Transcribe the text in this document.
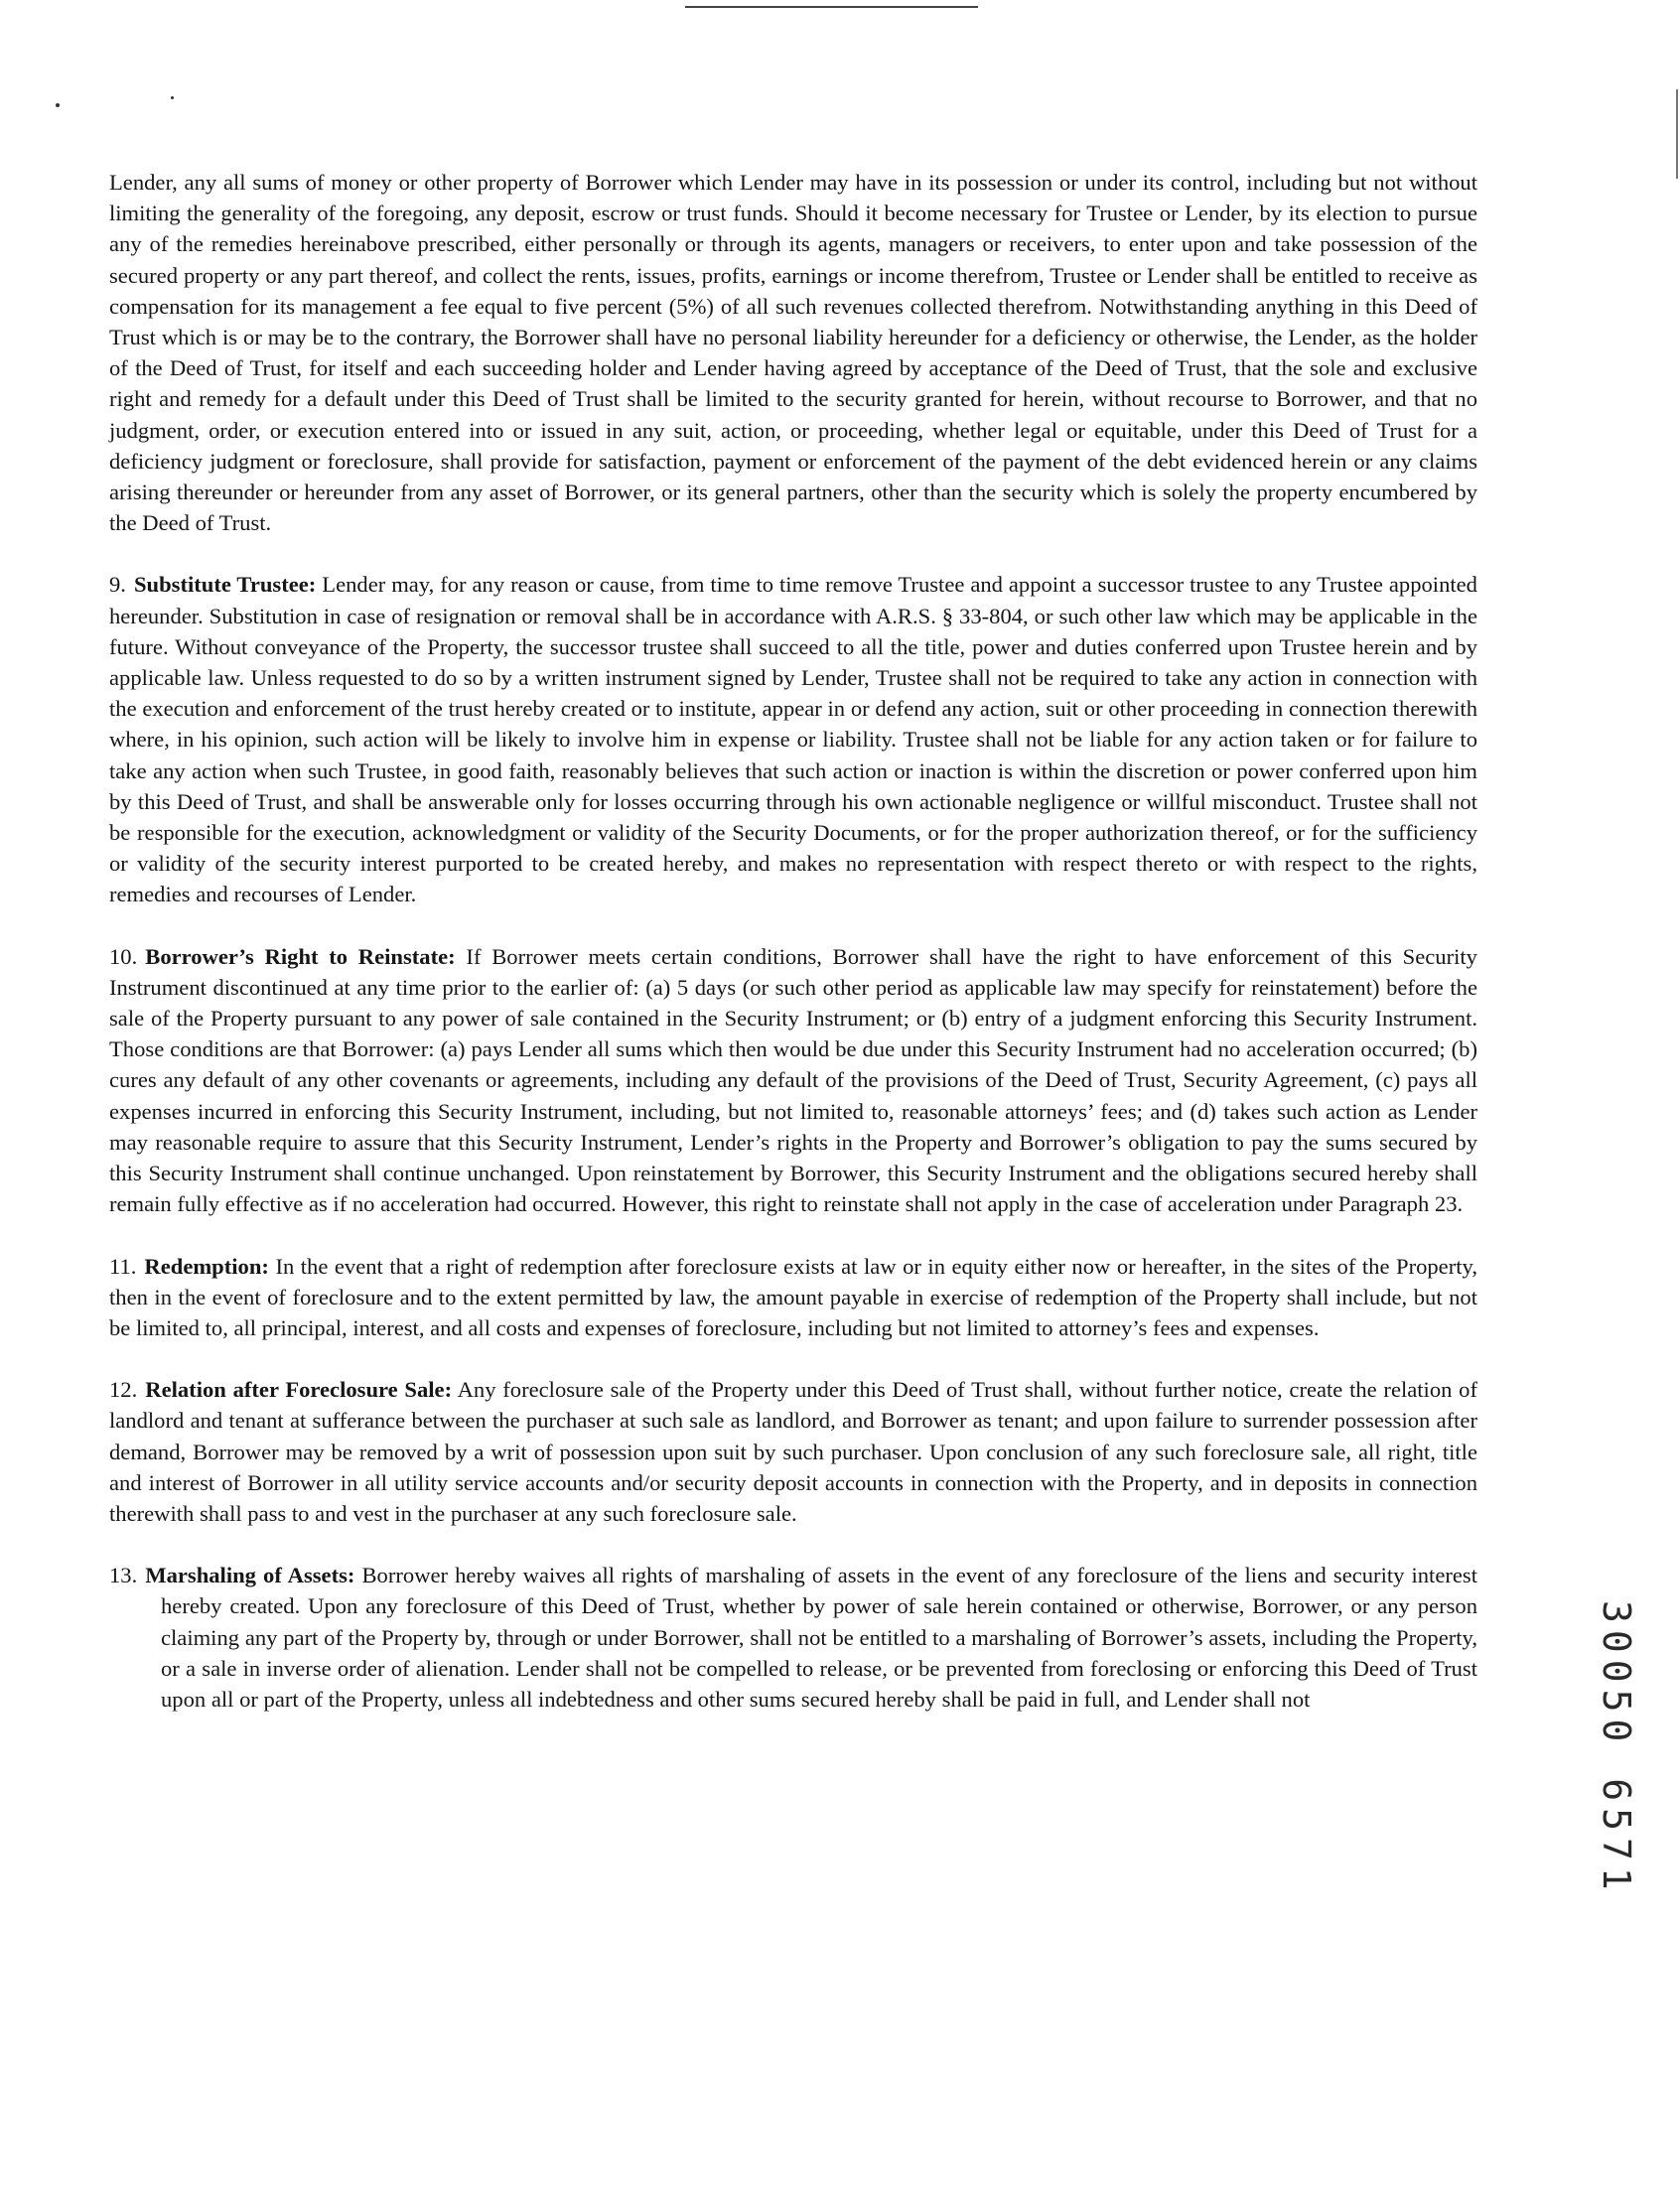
Lender, any all sums of money or other property of Borrower which Lender may have in its possession or under its control, including but not without limiting the generality of the foregoing, any deposit, escrow or trust funds. Should it become necessary for Trustee or Lender, by its election to pursue any of the remedies hereinabove prescribed, either personally or through its agents, managers or receivers, to enter upon and take possession of the secured property or any part thereof, and collect the rents, issues, profits, earnings or income therefrom, Trustee or Lender shall be entitled to receive as compensation for its management a fee equal to five percent (5%) of all such revenues collected therefrom. Notwithstanding anything in this Deed of Trust which is or may be to the contrary, the Borrower shall have no personal liability hereunder for a deficiency or otherwise, the Lender, as the holder of the Deed of Trust, for itself and each succeeding holder and Lender having agreed by acceptance of the Deed of Trust, that the sole and exclusive right and remedy for a default under this Deed of Trust shall be limited to the security granted for herein, without recourse to Borrower, and that no judgment, order, or execution entered into or issued in any suit, action, or proceeding, whether legal or equitable, under this Deed of Trust for a deficiency judgment or foreclosure, shall provide for satisfaction, payment or enforcement of the payment of the debt evidenced herein or any claims arising thereunder or hereunder from any asset of Borrower, or its general partners, other than the security which is solely the property encumbered by the Deed of Trust.

9. Substitute Trustee: Lender may, for any reason or cause, from time to time remove Trustee and appoint a successor trustee to any Trustee appointed hereunder. Substitution in case of resignation or removal shall be in accordance with A.R.S. § 33-804, or such other law which may be applicable in the future. Without conveyance of the Property, the successor trustee shall succeed to all the title, power and duties conferred upon Trustee herein and by applicable law. Unless requested to do so by a written instrument signed by Lender, Trustee shall not be required to take any action in connection with the execution and enforcement of the trust hereby created or to institute, appear in or defend any action, suit or other proceeding in connection therewith where, in his opinion, such action will be likely to involve him in expense or liability. Trustee shall not be liable for any action taken or for failure to take any action when such Trustee, in good faith, reasonably believes that such action or inaction is within the discretion or power conferred upon him by this Deed of Trust, and shall be answerable only for losses occurring through his own actionable negligence or willful misconduct. Trustee shall not be responsible for the execution, acknowledgment or validity of the Security Documents, or for the proper authorization thereof, or for the sufficiency or validity of the security interest purported to be created hereby, and makes no representation with respect thereto or with respect to the rights, remedies and recourses of Lender.

10. Borrower’s Right to Reinstate: If Borrower meets certain conditions, Borrower shall have the right to have enforcement of this Security Instrument discontinued at any time prior to the earlier of: (a) 5 days (or such other period as applicable law may specify for reinstatement) before the sale of the Property pursuant to any power of sale contained in the Security Instrument; or (b) entry of a judgment enforcing this Security Instrument. Those conditions are that Borrower: (a) pays Lender all sums which then would be due under this Security Instrument had no acceleration occurred; (b) cures any default of any other covenants or agreements, including any default of the provisions of the Deed of Trust, Security Agreement, (c) pays all expenses incurred in enforcing this Security Instrument, including, but not limited to, reasonable attorneys’ fees; and (d) takes such action as Lender may reasonable require to assure that this Security Instrument, Lender’s rights in the Property and Borrower’s obligation to pay the sums secured by this Security Instrument shall continue unchanged. Upon reinstatement by Borrower, this Security Instrument and the obligations secured hereby shall remain fully effective as if no acceleration had occurred. However, this right to reinstate shall not apply in the case of acceleration under Paragraph 23.

11. Redemption: In the event that a right of redemption after foreclosure exists at law or in equity either now or hereafter, in the sites of the Property, then in the event of foreclosure and to the extent permitted by law, the amount payable in exercise of redemption of the Property shall include, but not be limited to, all principal, interest, and all costs and expenses of foreclosure, including but not limited to attorney’s fees and expenses.

12. Relation after Foreclosure Sale: Any foreclosure sale of the Property under this Deed of Trust shall, without further notice, create the relation of landlord and tenant at sufferance between the purchaser at such sale as landlord, and Borrower as tenant; and upon failure to surrender possession after demand, Borrower may be removed by a writ of possession upon suit by such purchaser. Upon conclusion of any such foreclosure sale, all right, title and interest of Borrower in all utility service accounts and/or security deposit accounts in connection with the Property, and in deposits in connection therewith shall pass to and vest in the purchaser at any such foreclosure sale.

13. Marshaling of Assets: Borrower hereby waives all rights of marshaling of assets in the event of any foreclosure of the liens and security interest hereby created. Upon any foreclosure of this Deed of Trust, whether by power of sale herein contained or otherwise, Borrower, or any person claiming any part of the Property by, through or under Borrower, shall not be entitled to a marshaling of Borrower’s assets, including the Property, or a sale in inverse order of alienation. Lender shall not be compelled to release, or be prevented from foreclosing or enforcing this Deed of Trust upon all or part of the Property, unless all indebtedness and other sums secured hereby shall be paid in full, and Lender shall not	30050 6571
